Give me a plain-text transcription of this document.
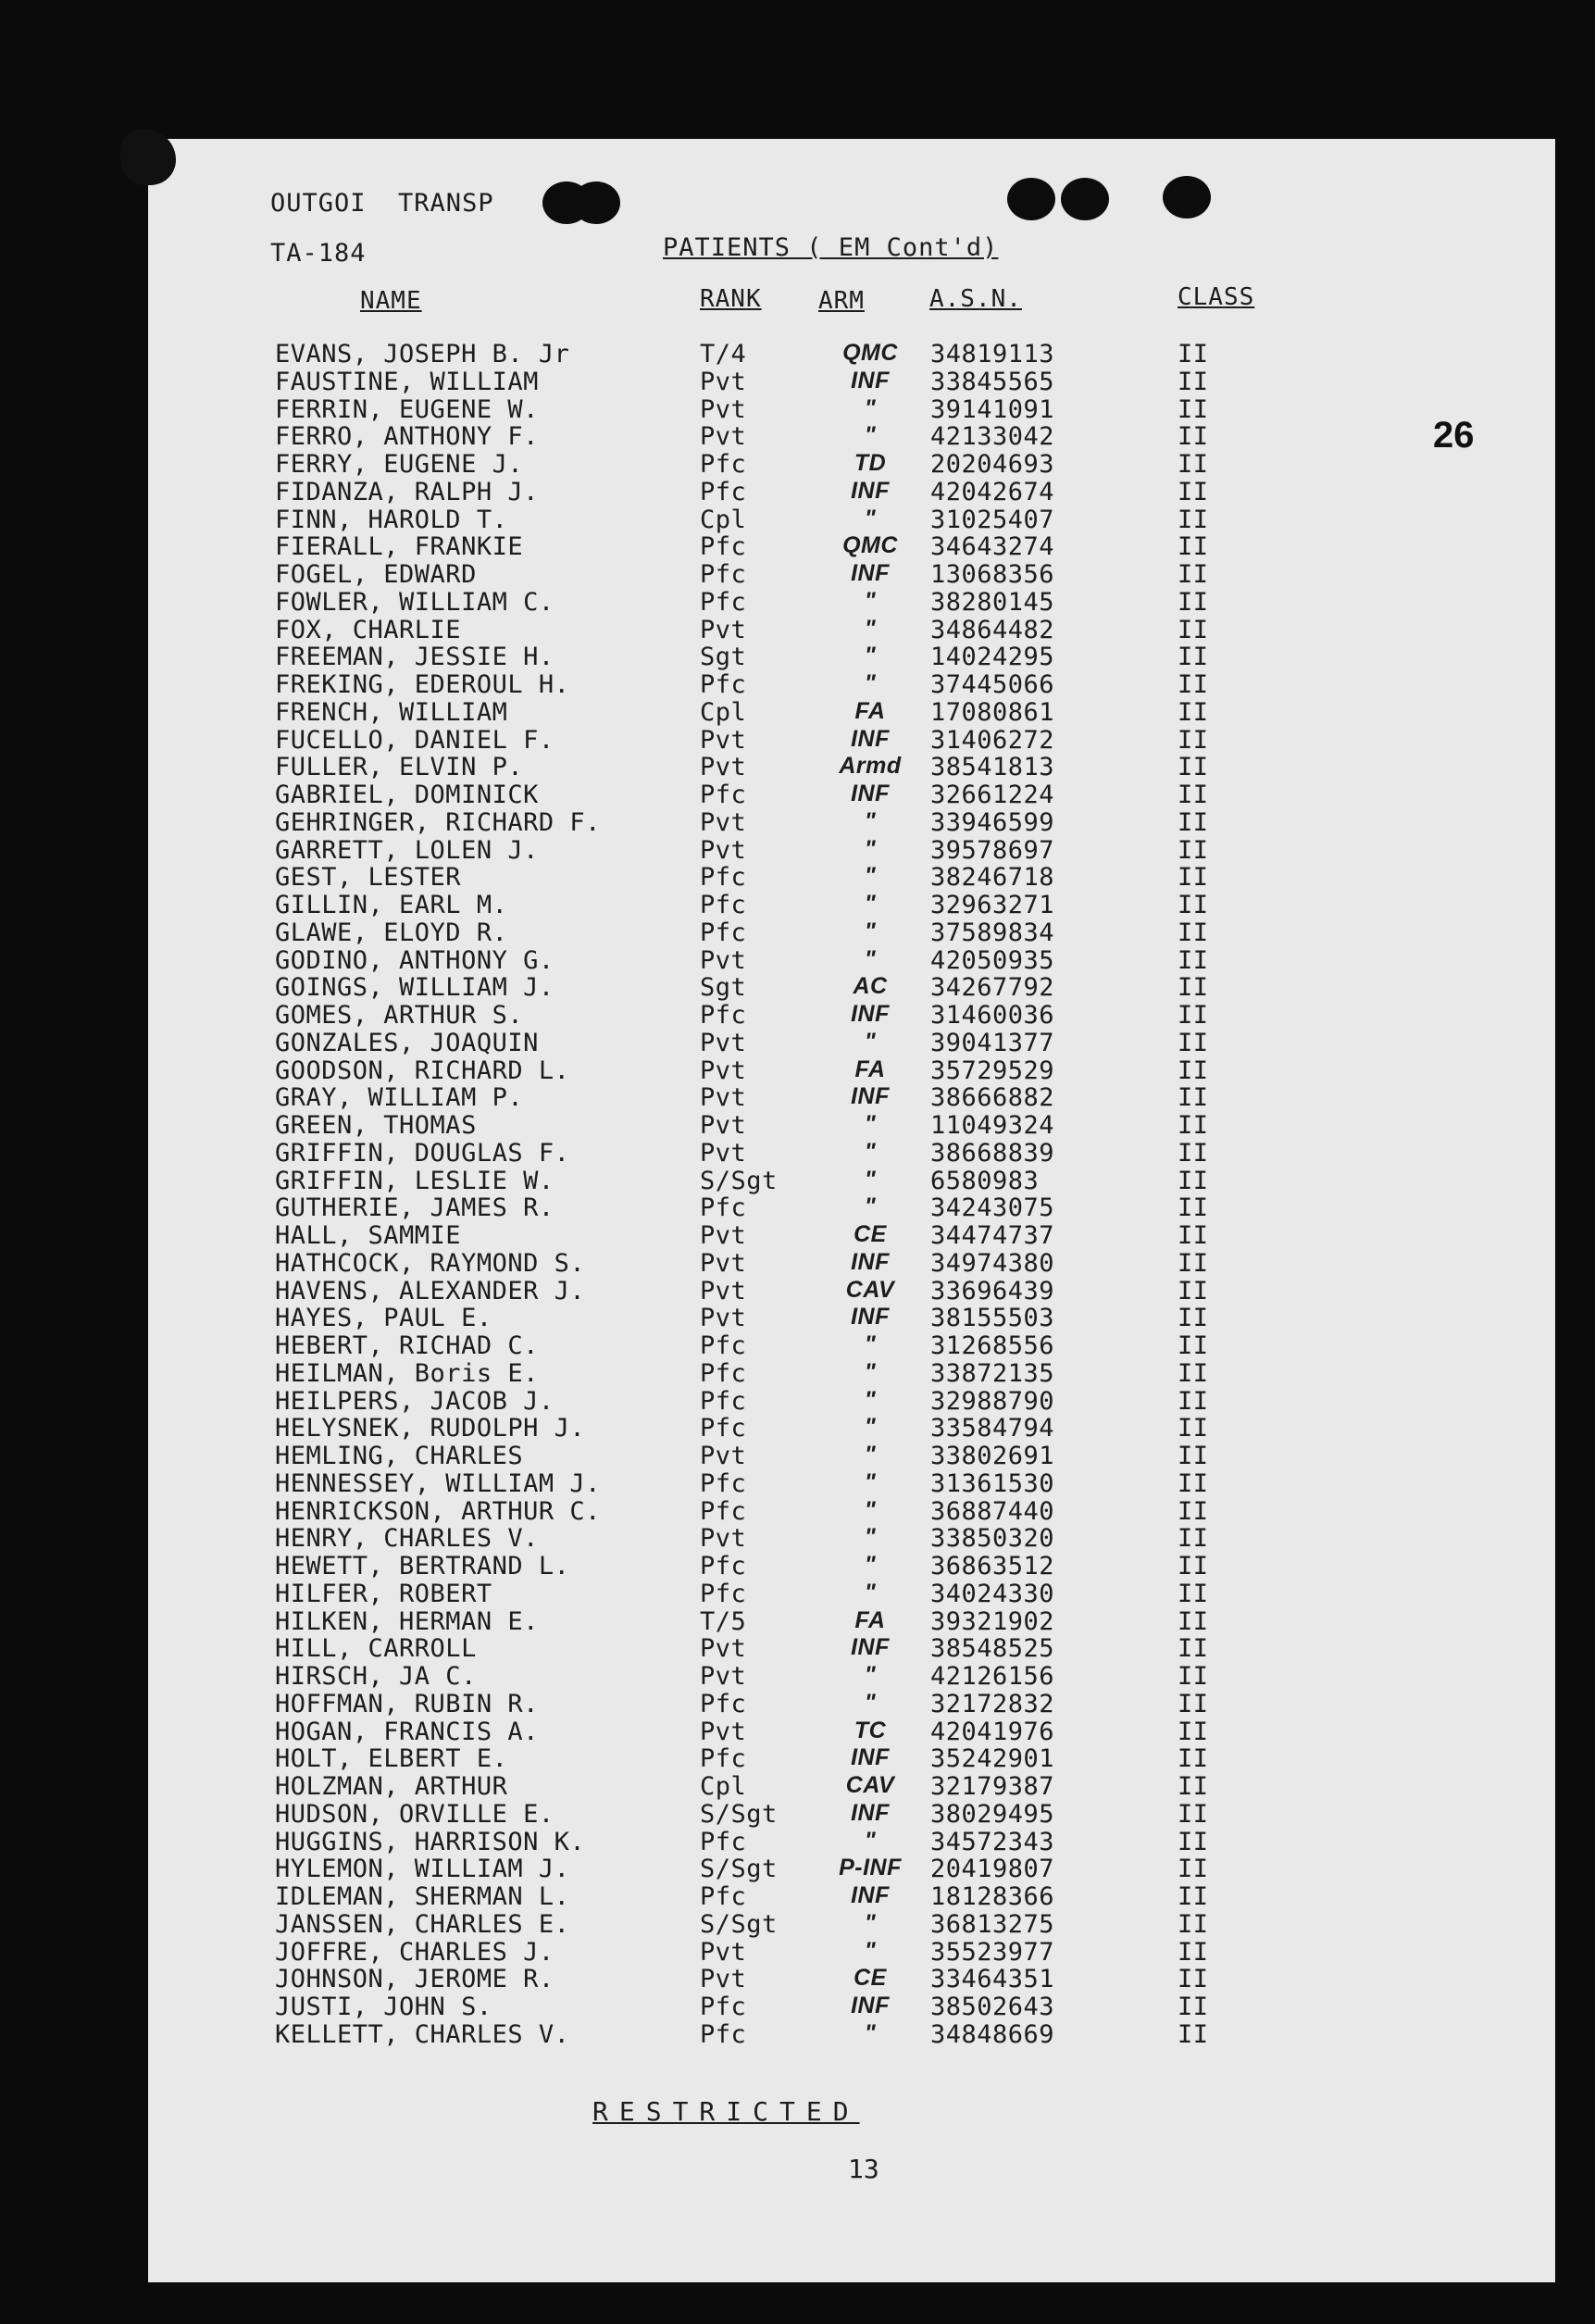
OUTGOI  TRANSP
TA-184	PATIENTS ( EM Cont'd)
26
NAME	RANK ARM	A.S.N.	CLASS
EVANS, JOSEPH B. Jr	T/4	QMC	34819113	II
FAUSTINE, WILLIAM	Pvt	INF	33845565	II
FERRIN, EUGENE W.	Pvt	"	39141091	II
FERRO, ANTHONY F.	Pvt	"	42133042	II
FERRY, EUGENE J.	Pfc	TD	20204693	II
FIDANZA, RALPH J.	Pfc	INF	42042674	II
FINN, HAROLD T.	Cpl	"	31025407	II
FIERALL, FRANKIE	Pfc	QMC	34643274	II
FOGEL, EDWARD	Pfc	INF	13068356	II
FOWLER, WILLIAM C.	Pfc	"	38280145	II
FOX, CHARLIE	Pvt	"	34864482	II
FREEMAN, JESSIE H.	Sgt	"	14024295	II
FREKING, EDEROUL H.	Pfc	"	37445066	II
FRENCH, WILLIAM	Cpl	FA	17080861	II
FUCELLO, DANIEL F.	Pvt	INF	31406272	II
FULLER, ELVIN P.	Pvt	Armd	38541813	II
GABRIEL, DOMINICK	Pfc	INF	32661224	II
GEHRINGER, RICHARD F.	Pvt	"	33946599	II
GARRETT, LOLEN J.	Pvt	"	39578697	II
GEST, LESTER	Pfc	"	38246718	II
GILLIN, EARL M.	Pfc	"	32963271	II
GLAWE, ELOYD R.	Pfc	"	37589834	II
GODINO, ANTHONY G.	Pvt	"	42050935	II
GOINGS, WILLIAM J.	Sgt	AC	34267792	II
GOMES, ARTHUR S.	Pfc	INF	31460036	II
GONZALES, JOAQUIN	Pvt	"	39041377	II
GOODSON, RICHARD L.	Pvt	FA	35729529	II
GRAY, WILLIAM P.	Pvt	INF	38666882	II
GREEN, THOMAS	Pvt	"	11049324	II
GRIFFIN, DOUGLAS F.	Pvt	"	38668839	II
GRIFFIN, LESLIE W.	S/Sgt	"	6580983	II
GUTHERIE, JAMES R.	Pfc	"	34243075	II
HALL, SAMMIE	Pvt	CE	34474737	II
HATHCOCK, RAYMOND S.	Pvt	INF	34974380	II
HAVENS, ALEXANDER J.	Pvt	CAV	33696439	II
HAYES, PAUL E.	Pvt	INF	38155503	II
HEBERT, RICHAD C.	Pfc	"	31268556	II
HEILMAN, Boris E.	Pfc	"	33872135	II
HEILPERS, JACOB J.	Pfc	"	32988790	II
HELYSNEK, RUDOLPH J.	Pfc	"	33584794	II
HEMLING, CHARLES	Pvt	"	33802691	II
HENNESSEY, WILLIAM J.	Pfc	"	31361530	II
HENRICKSON, ARTHUR C.	Pfc	"	36887440	II
HENRY, CHARLES V.	Pvt	"	33850320	II
HEWETT, BERTRAND L.	Pfc	"	36863512	II
HILFER, ROBERT	Pfc	"	34024330	II
HILKEN, HERMAN E.	T/5	FA	39321902	II
HILL, CARROLL	Pvt	INF	38548525	II
HIRSCH, JA C.	Pvt	"	42126156	II
HOFFMAN, RUBIN R.	Pfc	"	32172832	II
HOGAN, FRANCIS A.	Pvt	TC	42041976	II
HOLT, ELBERT E.	Pfc	INF	35242901	II
HOLZMAN, ARTHUR	Cpl	CAV	32179387	II
HUDSON, ORVILLE E.	S/Sgt	INF	38029495	II
HUGGINS, HARRISON K.	Pfc	"	34572343	II
HYLEMON, WILLIAM J.	S/Sgt	P-INF	20419807	II
IDLEMAN, SHERMAN L.	Pfc	INF	18128366	II
JANSSEN, CHARLES E.	S/Sgt	"	36813275	II
JOFFRE, CHARLES J.	Pvt	"	35523977	II
JOHNSON, JEROME R.	Pvt	CE	33464351	II
JUSTI, JOHN S.	Pfc	INF	38502643	II
KELLETT, CHARLES V.	Pfc	"	34848669	II
RESTRICTED
13
